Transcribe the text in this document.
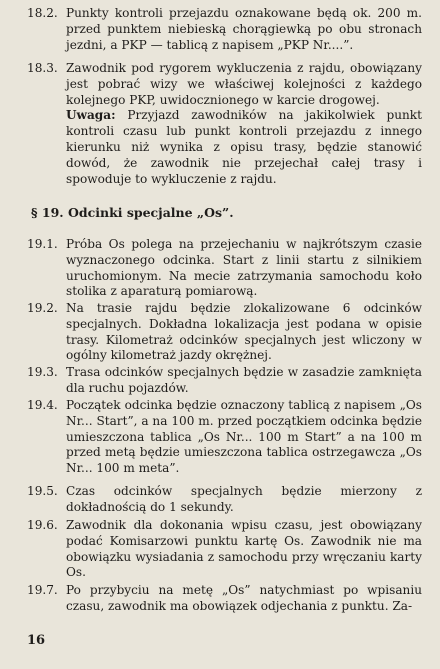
18.2. Punkty kontroli przejazdu oznakowane będą ok. 200 m. przed punktem niebieską chorągiewką po obu stronach jezdni, a PKP — tablicą z napisem „PKP Nr....”.
18.3. Zawodnik pod rygorem wykluczenia z rajdu, obowiązany jest pobrać wizy we właściwej kolejności z każdego kolejnego PKP, uwidocznionego w karcie drogowej.
Uwaga: Przyjazd zawodników na jakikolwiek punkt kontroli czasu lub punkt kontroli przejazdu z innego kierunku niż wynika z opisu trasy, będzie stanowić dowód, że zawodnik nie przejechał całej trasy i spowoduje to wykluczenie z rajdu.
§ 19. Odcinki specjalne „Os”.
19.1. Próba Os polega na przejechaniu w najkrótszym czasie wyznaczonego odcinka. Start z linii startu z silnikiem uruchomionym. Na mecie zatrzymania samochodu koło stolika z aparaturą pomiarową.
19.2. Na trasie rajdu będzie zlokalizowane 6 odcinków specjalnych. Dokładna lokalizacja jest podana w opisie trasy. Kilometraż odcinków specjalnych jest wliczony w ogólny kilometraż jazdy okrężnej.
19.3. Trasa odcinków specjalnych będzie w zasadzie zamknięta dla ruchu pojazdów.
19.4. Początek odcinka będzie oznaczony tablicą z napisem „Os Nr... Start”, a na 100 m. przed początkiem odcinka będzie umieszczona tablica „Os Nr... 100 m Start” a na 100 m przed metą będzie umieszczona tablica ostrzegawcza „Os Nr... 100 m meta”.
19.5. Czas odcinków specjalnych będzie mierzony z dokładnością do 1 sekundy.
19.6. Zawodnik dla dokonania wpisu czasu, jest obowiązany podać Komisarzowi punktu kartę Os. Zawodnik nie ma obowiązku wysiadania z samochodu przy wręczaniu karty Os.
19.7. Po przybyciu na metę „Os” natychmiast po wpisaniu czasu, zawodnik ma obowiązek odjechania z punktu. Za-
16
